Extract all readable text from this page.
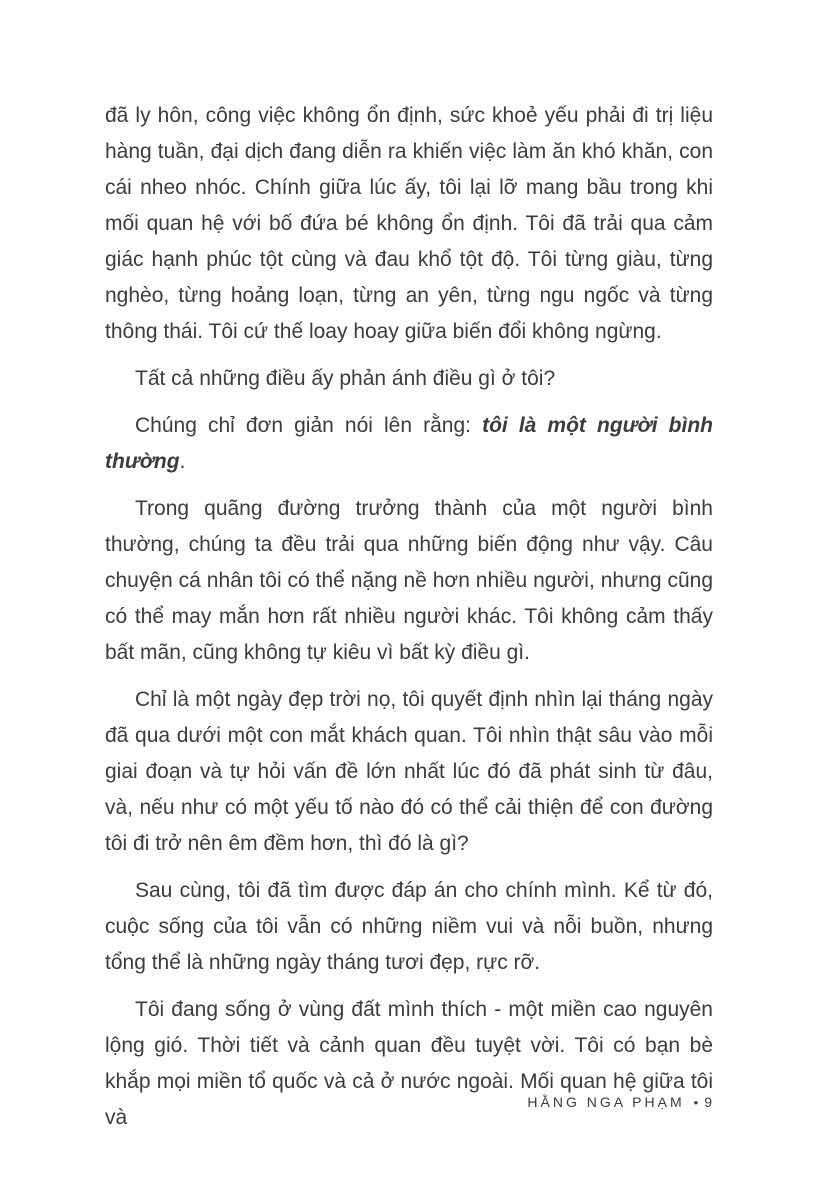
đã ly hôn, công việc không ổn định, sức khoẻ yếu phải đi trị liệu hàng tuần, đại dịch đang diễn ra khiến việc làm ăn khó khăn, con cái nheo nhóc. Chính giữa lúc ấy, tôi lại lỡ mang bầu trong khi mối quan hệ với bố đứa bé không ổn định. Tôi đã trải qua cảm giác hạnh phúc tột cùng và đau khổ tột độ. Tôi từng giàu, từng nghèo, từng hoảng loạn, từng an yên, từng ngu ngốc và từng thông thái. Tôi cứ thế loay hoay giữa biến đổi không ngừng.

Tất cả những điều ấy phản ánh điều gì ở tôi?

Chúng chỉ đơn giản nói lên rằng: tôi là một người bình thường.

Trong quãng đường trưởng thành của một người bình thường, chúng ta đều trải qua những biến động như vậy. Câu chuyện cá nhân tôi có thể nặng nề hơn nhiều người, nhưng cũng có thể may mắn hơn rất nhiều người khác. Tôi không cảm thấy bất mãn, cũng không tự kiêu vì bất kỳ điều gì.

Chỉ là một ngày đẹp trời nọ, tôi quyết định nhìn lại tháng ngày đã qua dưới một con mắt khách quan. Tôi nhìn thật sâu vào mỗi giai đoạn và tự hỏi vấn đề lớn nhất lúc đó đã phát sinh từ đâu, và, nếu như có một yếu tố nào đó có thể cải thiện để con đường tôi đi trở nên êm đềm hơn, thì đó là gì?

Sau cùng, tôi đã tìm được đáp án cho chính mình. Kể từ đó, cuộc sống của tôi vẫn có những niềm vui và nỗi buồn, nhưng tổng thể là những ngày tháng tươi đẹp, rực rỡ.

Tôi đang sống ở vùng đất mình thích - một miền cao nguyên lộng gió. Thời tiết và cảnh quan đều tuyệt vời. Tôi có bạn bè khắp mọi miền tổ quốc và cả ở nước ngoài. Mối quan hệ giữa tôi và

HẰNG NGA PHẠM • 9
